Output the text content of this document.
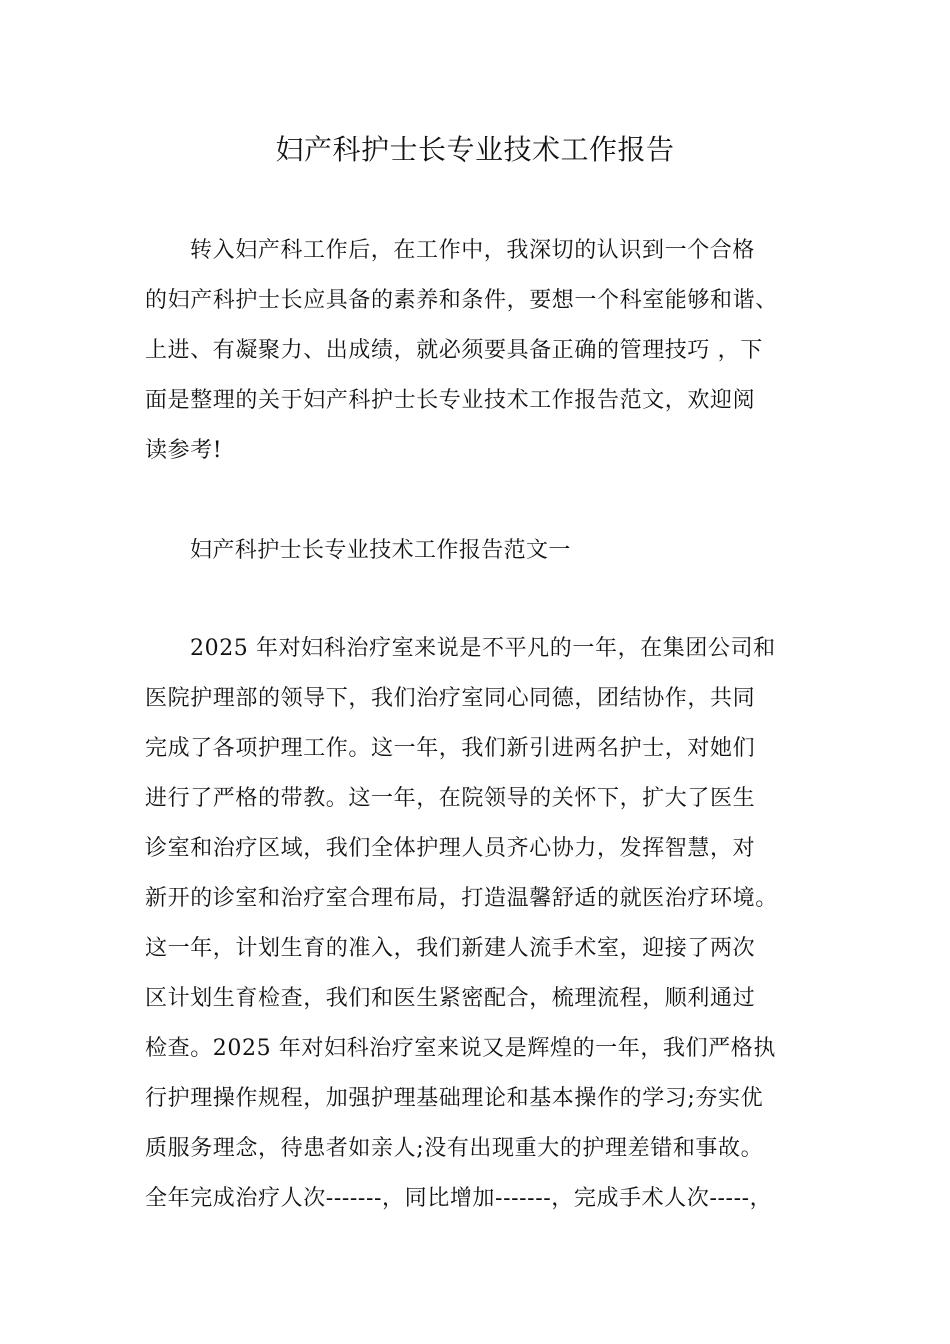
妇产科护士长专业技术工作报告
转入妇产科工作后，在工作中，我深切的认识到一个合格
的妇产科护士长应具备的素养和条件，要想一个科室能够和谐、
上进、有凝聚力、出成绩，就必须要具备正确的管理技巧 ，下
面是整理的关于妇产科护士长专业技术工作报告范文，欢迎阅
读参考!
妇产科护士长专业技术工作报告范文一
2025 年对妇科治疗室来说是不平凡的一年，在集团公司和
医院护理部的领导下，我们治疗室同心同德，团结协作，共同
完成了各项护理工作。这一年，我们新引进两名护士，对她们
进行了严格的带教。这一年，在院领导的关怀下，扩大了医生
诊室和治疗区域，我们全体护理人员齐心协力，发挥智慧，对
新开的诊室和治疗室合理布局，打造温馨舒适的就医治疗环境。
这一年，计划生育的准入，我们新建人流手术室，迎接了两次
区计划生育检查，我们和医生紧密配合，梳理流程，顺利通过
检查。2025 年对妇科治疗室来说又是辉煌的一年，我们严格执
行护理操作规程，加强护理基础理论和基本操作的学习;夯实优
质服务理念，待患者如亲人;没有出现重大的护理差错和事故。
全年完成治疗人次-------，同比增加-------，完成手术人次-----，
